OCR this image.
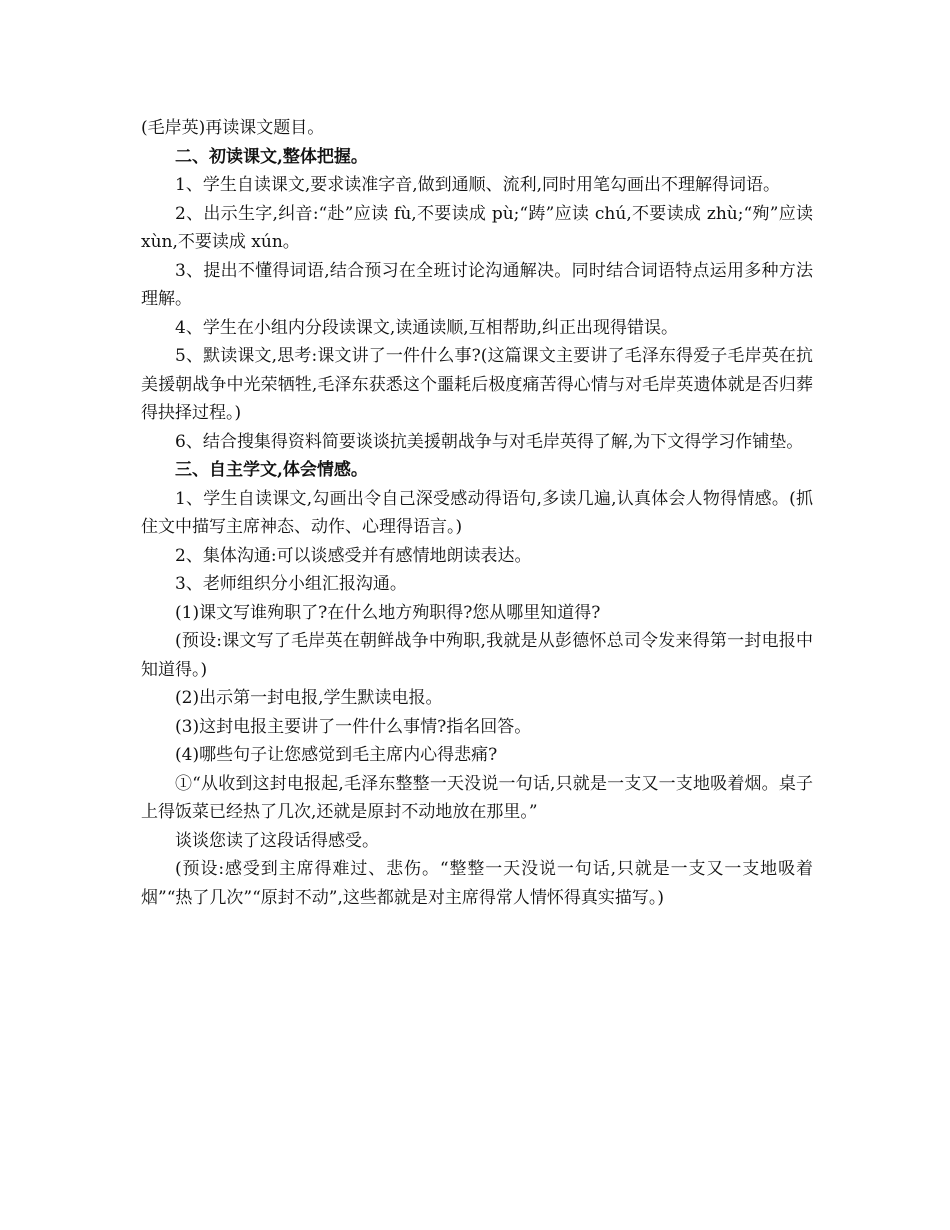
(毛岸英)再读课文题目。

二、初读课文,整体把握。

1、学生自读课文,要求读准字音,做到通顺、流利,同时用笔勾画出不理解得词语。

2、出示生字,纠音:“赴”应读 fù,不要读成 pù;“踌”应读 chú,不要读成 zhù;“殉”应读 xùn,不要读成 xún。

3、提出不懂得词语,结合预习在全班讨论沟通解决。同时结合词语特点运用多种方法理解。

4、学生在小组内分段读课文,读通读顺,互相帮助,纠正出现得错误。

5、默读课文,思考:课文讲了一件什么事?(这篇课文主要讲了毛泽东得爱子毛岸英在抗美援朝战争中光荣牺牲,毛泽东获悉这个噩耗后极度痛苦得心情与对毛岸英遗体就是否归葬得抉择过程。)

6、结合搜集得资料简要谈谈抗美援朝战争与对毛岸英得了解,为下文得学习作铺垫。

三、自主学文,体会情感。

1、学生自读课文,勾画出令自己深受感动得语句,多读几遍,认真体会人物得情感。(抓住文中描写主席神态、动作、心理得语言。)

2、集体沟通:可以谈感受并有感情地朗读表达。

3、老师组织分小组汇报沟通。

(1)课文写谁殉职了?在什么地方殉职得?您从哪里知道得?

(预设:课文写了毛岸英在朝鲜战争中殉职,我就是从彭德怀总司令发来得第一封电报中知道得。)

(2)出示第一封电报,学生默读电报。

(3)这封电报主要讲了一件什么事情?指名回答。

(4)哪些句子让您感觉到毛主席内心得悲痛?

①“从收到这封电报起,毛泽东整整一天没说一句话,只就是一支又一支地吸着烟。桌子上得饭菜已经热了几次,还就是原封不动地放在那里。”

谈谈您读了这段话得感受。

(预设:感受到主席得难过、悲伤。“整整一天没说一句话,只就是一支又一支地吸着烟”“热了几次”“原封不动”,这些都就是对主席得常人情怀得真实描写。)
